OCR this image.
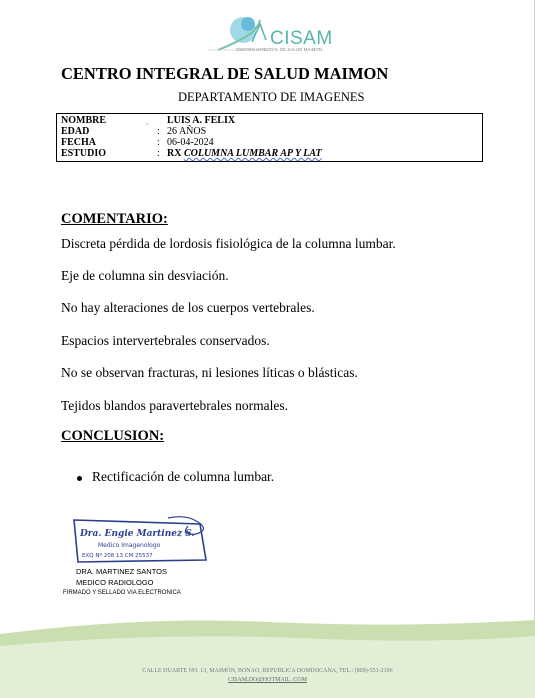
CISAM
CENTRO INTEGRAL DE SALUD MAIMON
CENTRO INTEGRAL DE SALUD MAIMON
DEPARTAMENTO DE IMAGENES
،
NOMBRE	LUIS A. FELIX
EDAD	: 26 AÑOS
FECHA	: 06-04-2024
ESTUDIO	: RX COLUMNA LUMBAR AP Y LAT
COMENTARIO:
Discreta pérdida de lordosis fisiológica de la columna lumbar.
Eje de columna sin desviación.
No hay alteraciones de los cuerpos vertebrales.
Espacios intervertebrales conservados.
No se observan fracturas, ni lesiones líticas o blásticas.
Tejidos blandos paravertebrales normales.
CONCLUSION:
Rectificación de columna lumbar.
Dra. Engie Martinez S.
Medico Imagenologo
EXQ Nº 208 13 CM 25537
DRA. MARTINEZ SANTOS
MEDICO RADIOLOGO
FIRMADO Y SELLADO VIA ELECTRONICA
CALLE DUARTE NO. 13, MAIMÓN, BONAO, REPUBLICA DOMINICANA, TEL.: (809)-551-2196
CISAM.DO@HOTMAIL .COM
